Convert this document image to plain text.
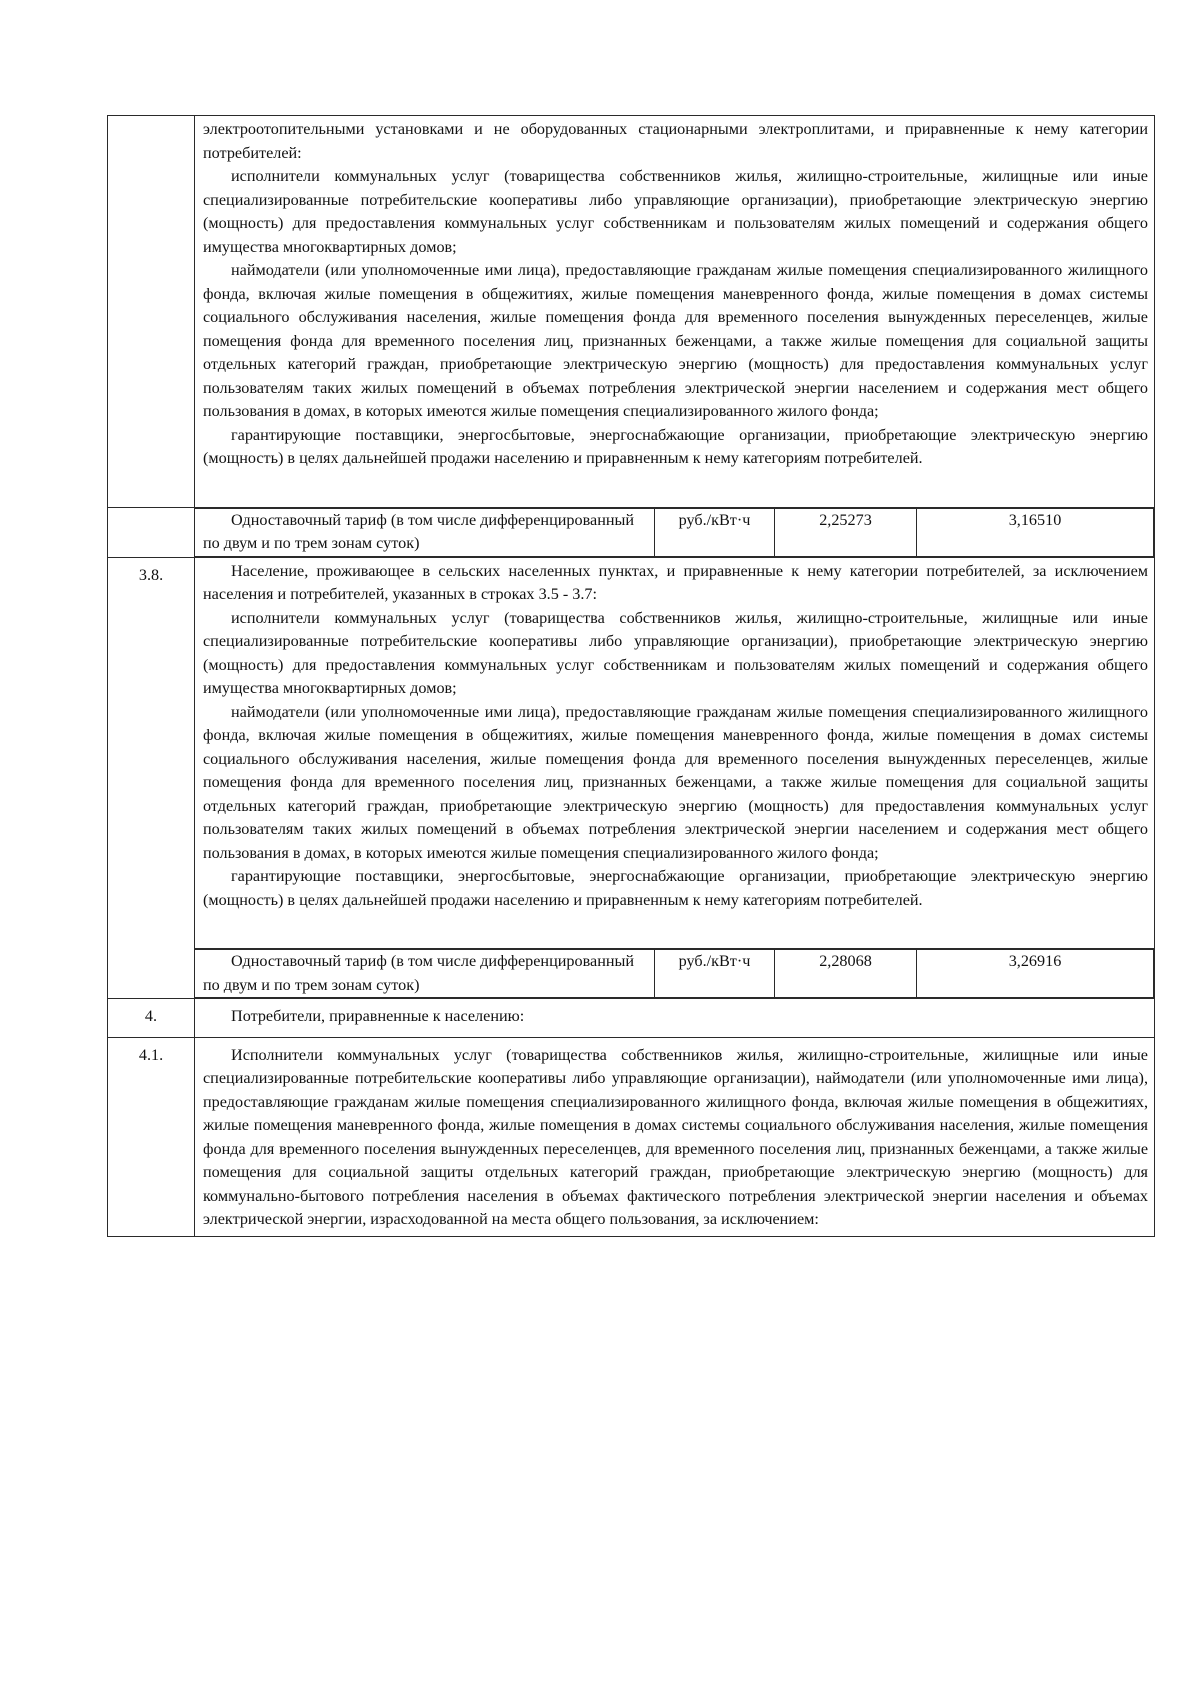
электроотопительными установками и не оборудованных стационарными электроплитами, и приравненные к нему категории потребителей:

исполнители коммунальных услуг (товарищества собственников жилья, жилищно-строительные, жилищные или иные специализированные потребительские кооперативы либо управляющие организации), приобретающие электрическую энергию (мощность) для предоставления коммунальных услуг собственникам и пользователям жилых помещений и содержания общего имущества многоквартирных домов;

наймодатели (или уполномоченные ими лица), предоставляющие гражданам жилые помещения специализированного жилищного фонда, включая жилые помещения в общежитиях, жилые помещения маневренного фонда, жилые помещения в домах системы социального обслуживания населения, жилые помещения фонда для временного поселения вынужденных переселенцев, жилые помещения фонда для временного поселения лиц, признанных беженцами, а также жилые помещения для социальной защиты отдельных категорий граждан, приобретающие электрическую энергию (мощность) для предоставления коммунальных услуг пользователям таких жилых помещений в объемах потребления электрической энергии населением и содержания мест общего пользования в домах, в которых имеются жилые помещения специализированного жилого фонда;

гарантирующие поставщики, энергосбытовые, энергоснабжающие организации, приобретающие электрическую энергию (мощность) в целях дальнейшей продажи населению и приравненным к нему категориям потребителей.

Одноставочный тариф (в том числе дифференцированный по двум и по трем зонам суток)	руб./кВт·ч	2,25273	3,16510

3.8.	Население, проживающее в сельских населенных пунктах, и приравненные к нему категории потребителей, за исключением населения и потребителей, указанных в строках 3.5 - 3.7:

исполнители коммунальных услуг (товарищества собственников жилья, жилищно-строительные, жилищные или иные специализированные потребительские кооперативы либо управляющие организации), приобретающие электрическую энергию (мощность) для предоставления коммунальных услуг собственникам и пользователям жилых помещений и содержания общего имущества многоквартирных домов;

наймодатели (или уполномоченные ими лица), предоставляющие гражданам жилые помещения специализированного жилищного фонда, включая жилые помещения в общежитиях, жилые помещения маневренного фонда, жилые помещения в домах системы социального обслуживания населения, жилые помещения фонда для временного поселения вынужденных переселенцев, жилые помещения фонда для временного поселения лиц, признанных беженцами, а также жилые помещения для социальной защиты отдельных категорий граждан, приобретающие электрическую энергию (мощность) для предоставления коммунальных услуг пользователям таких жилых помещений в объемах потребления электрической энергии населением и содержания мест общего пользования в домах, в которых имеются жилые помещения специализированного жилого фонда;

гарантирующие поставщики, энергосбытовые, энергоснабжающие организации, приобретающие электрическую энергию (мощность) в целях дальнейшей продажи населению и приравненным к нему категориям потребителей.

Одноставочный тариф (в том числе дифференцированный по двум и по трем зонам суток)	руб./кВт·ч	2,28068	3,26916

4.	Потребители, приравненные к населению:

4.1.	Исполнители коммунальных услуг (товарищества собственников жилья, жилищно-строительные, жилищные или иные специализированные потребительские кооперативы либо управляющие организации), наймодатели (или уполномоченные ими лица), предоставляющие гражданам жилые помещения специализированного жилищного фонда, включая жилые помещения в общежитиях, жилые помещения маневренного фонда, жилые помещения в домах системы социального обслуживания населения, жилые помещения фонда для временного поселения вынужденных переселенцев, для временного поселения лиц, признанных беженцами, а также жилые помещения для социальной защиты отдельных категорий граждан, приобретающие электрическую энергию (мощность) для коммунально-бытового потребления населения в объемах фактического потребления электрической энергии населения и объемах электрической энергии, израсходованной на места общего пользования, за исключением:
